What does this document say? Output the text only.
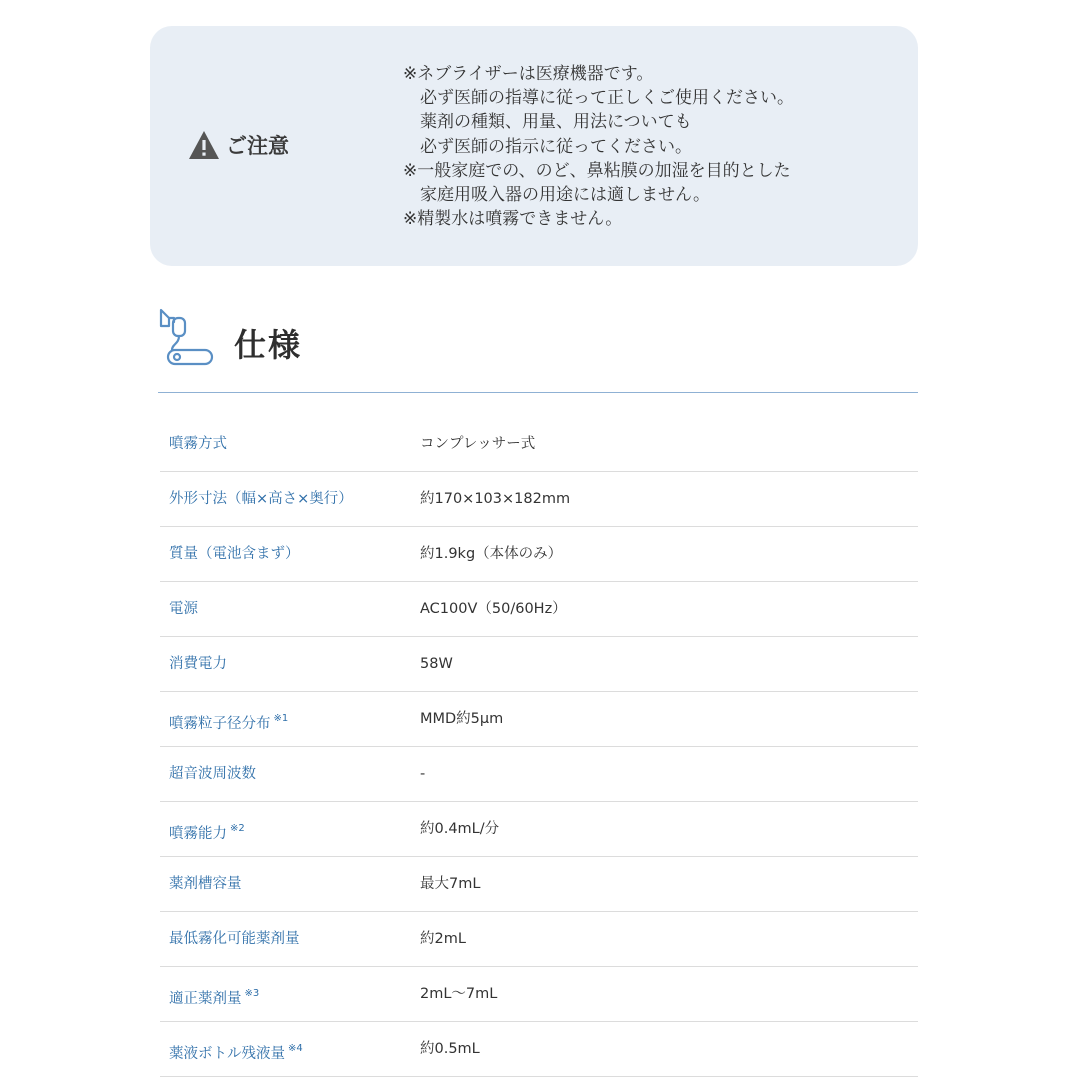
ご注意
※ネブライザーは医療機器です。
　必ず医師の指導に従って正しくご使用ください。
　薬剤の種類、用量、用法についても
　必ず医師の指示に従ってください。
※一般家庭での、のど、鼻粘膜の加湿を目的とした
　家庭用吸入器の用途には適しません。
※精製水は噴霧できません。
仕様
噴霧方式	コンプレッサー式
外形寸法（幅×高さ×奥行）	約170×103×182mm
質量（電池含まず）	約1.9kg（本体のみ）
電源	AC100V（50/60Hz）
消費電力	58W
噴霧粒子径分布 $^{※1}$	MMD約5μm
超音波周波数	-
噴霧能力 $^{※2}$	約0.4mL/分
薬剤槽容量	最大7mL
最低霧化可能薬剤量	約2mL
適正薬剤量 $^{※3}$	2mL〜7mL
薬液ボトル残液量 $^{※4}$	約0.5mL
